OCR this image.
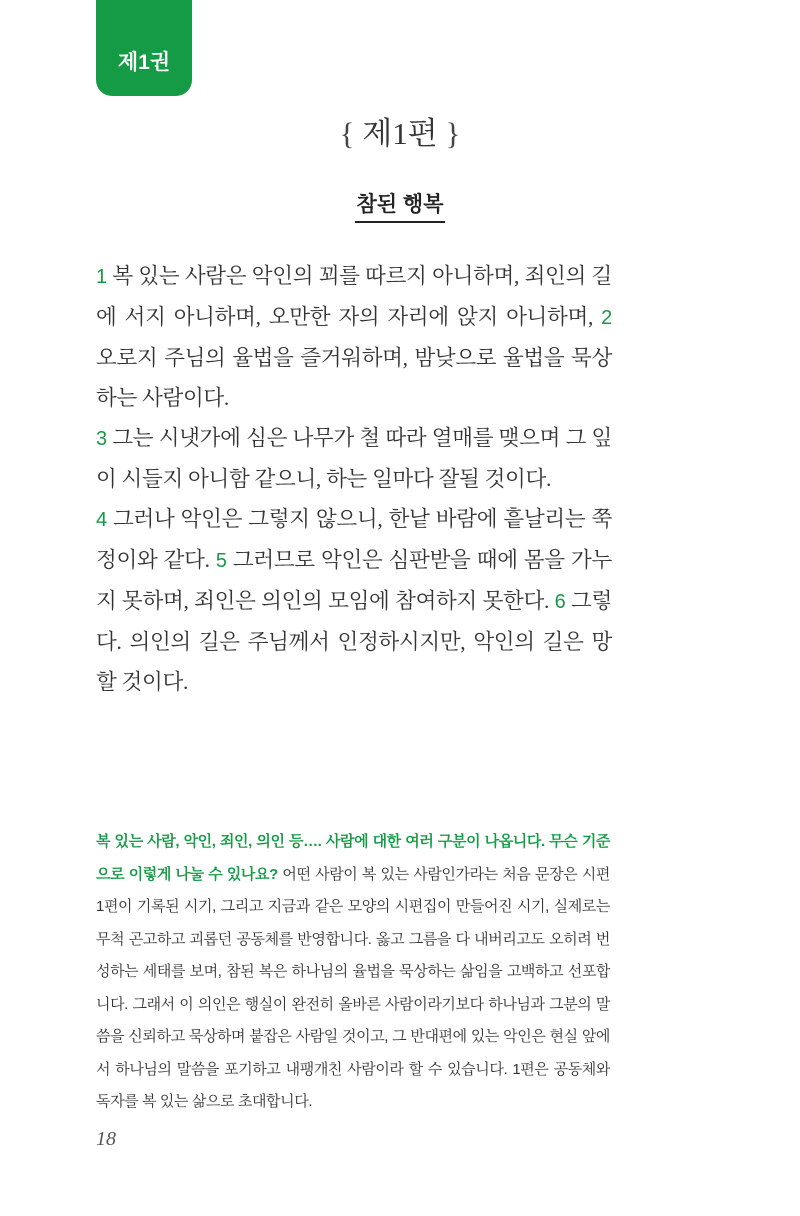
제1권
{ 제1편 }
참된 행복

1 복 있는 사람은 악인의 꾀를 따르지 아니하며, 죄인의 길에 서지 아니하며, 오만한 자의 자리에 앉지 아니하며, 2 오로지 주님의 율법을 즐거워하며, 밤낮으로 율법을 묵상하는 사람이다.

3 그는 시냇가에 심은 나무가 철 따라 열매를 맺으며 그 잎이 시들지 아니함 같으니, 하는 일마다 잘될 것이다.

4 그러나 악인은 그렇지 않으니, 한낱 바람에 흩날리는 쭉정이와 같다. 5 그러므로 악인은 심판받을 때에 몸을 가누지 못하며, 죄인은 의인의 모임에 참여하지 못한다. 6 그렇다. 의인의 길은 주님께서 인정하시지만, 악인의 길은 망할 것이다.

복 있는 사람, 악인, 죄인, 의인 등…. 사람에 대한 여러 구분이 나옵니다. 무슨 기준으로 이렇게 나눌 수 있나요? 어떤 사람이 복 있는 사람인가라는 처음 문장은 시편 1편이 기록된 시기, 그리고 지금과 같은 모양의 시편집이 만들어진 시기, 실제로는 무척 곤고하고 괴롭던 공동체를 반영합니다. 옳고 그름을 다 내버리고도 오히려 번성하는 세태를 보며, 참된 복은 하나님의 율법을 묵상하는 삶임을 고백하고 선포합니다. 그래서 이 의인은 행실이 완전히 올바른 사람이라기보다 하나님과 그분의 말씀을 신뢰하고 묵상하며 붙잡은 사람일 것이고, 그 반대편에 있는 악인은 현실 앞에서 하나님의 말씀을 포기하고 내팽개친 사람이라 할 수 있습니다. 1편은 공동체와 독자를 복 있는 삶으로 초대합니다.
18
